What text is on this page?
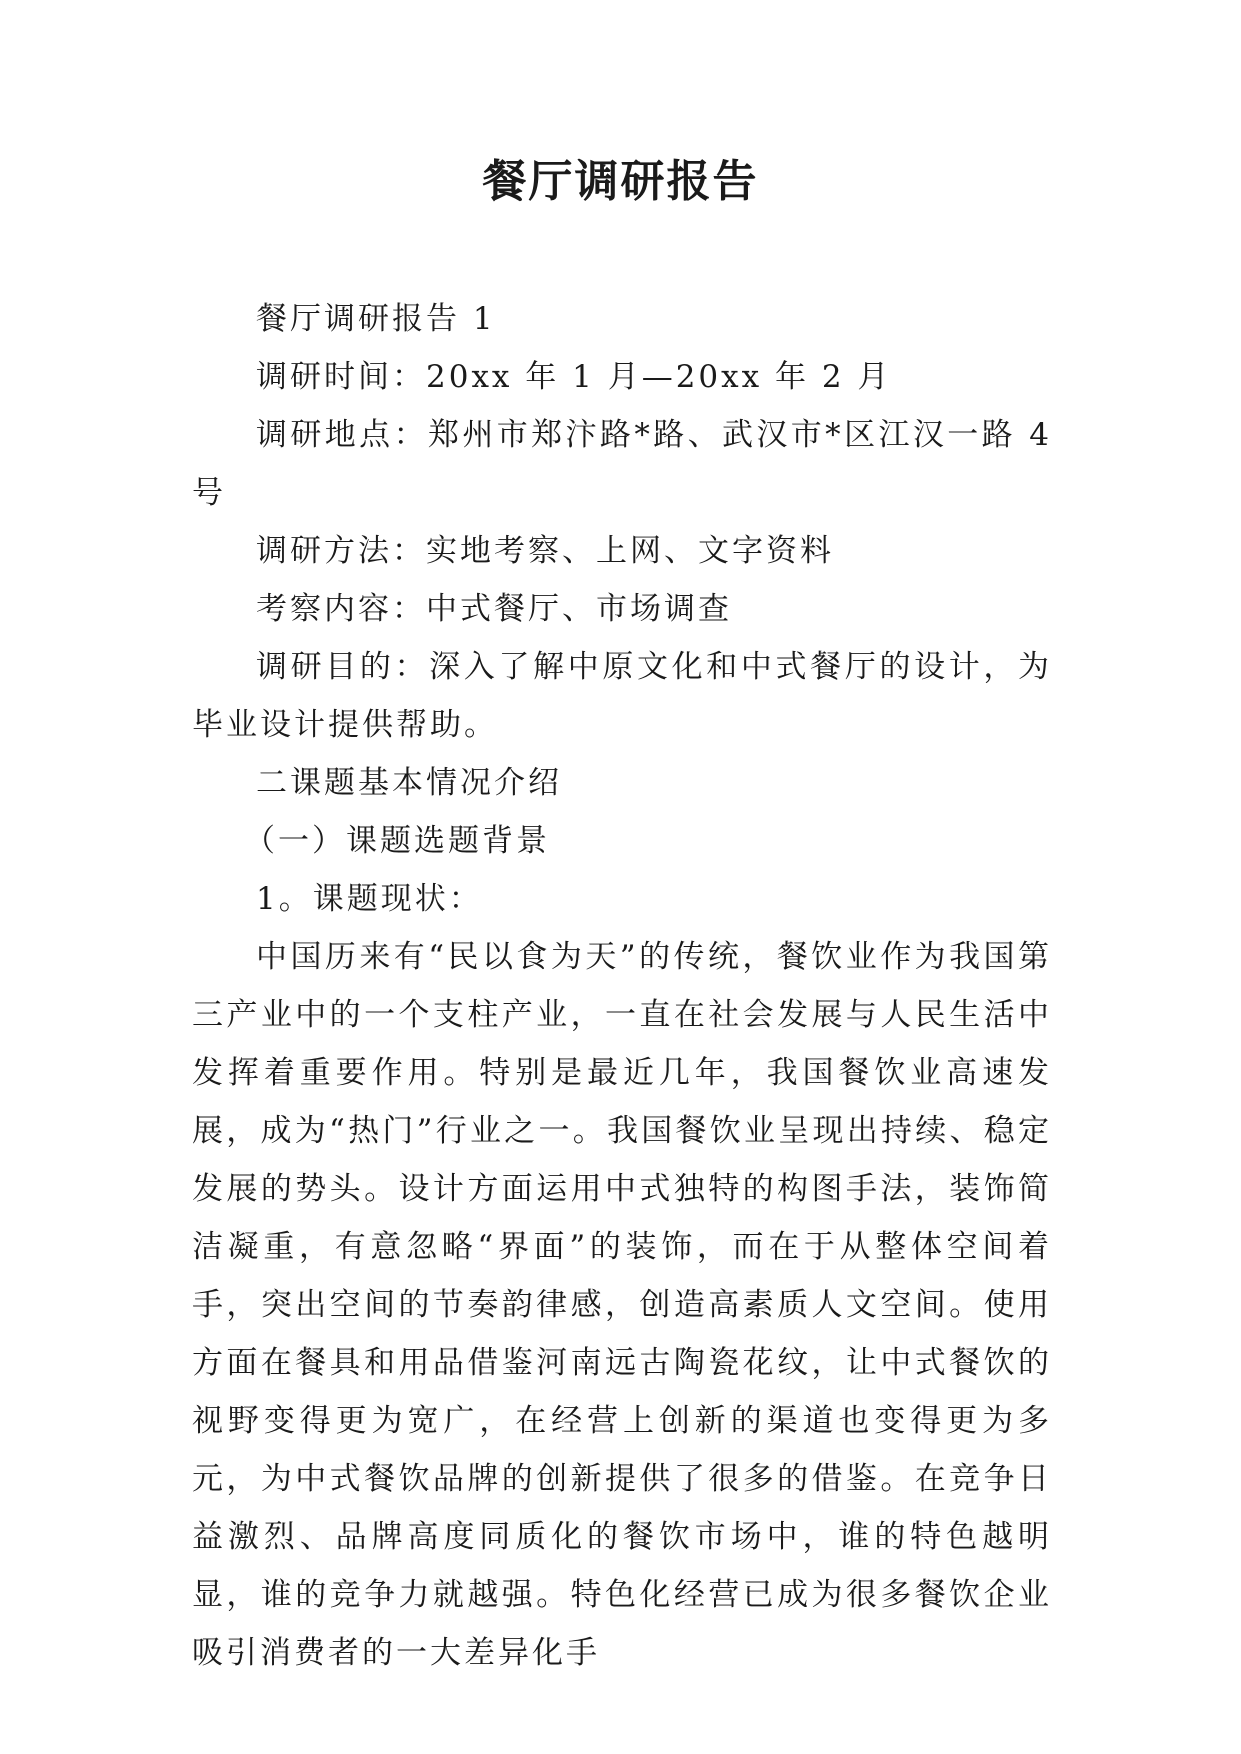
餐厅调研报告

餐厅调研报告 1

调研时间：20xx 年 1 月—20xx 年 2 月

调研地点：郑州市郑汴路*路、武汉市*区江汉一路 4 号

调研方法：实地考察、上网、文字资料

考察内容：中式餐厅、市场调查

调研目的：深入了解中原文化和中式餐厅的设计，为毕业设计提供帮助。

二课题基本情况介绍

（一）课题选题背景

1。课题现状：

中国历来有“民以食为天”的传统，餐饮业作为我国第三产业中的一个支柱产业，一直在社会发展与人民生活中发挥着重要作用。特别是最近几年，我国餐饮业高速发展，成为“热门”行业之一。我国餐饮业呈现出持续、稳定发展的势头。设计方面运用中式独特的构图手法，装饰简洁凝重，有意忽略“界面”的装饰，而在于从整体空间着手，突出空间的节奏韵律感，创造高素质人文空间。使用方面在餐具和用品借鉴河南远古陶瓷花纹，让中式餐饮的视野变得更为宽广，在经营上创新的渠道也变得更为多元，为中式餐饮品牌的创新提供了很多的借鉴。在竞争日益激烈、品牌高度同质化的餐饮市场中，谁的特色越明显，谁的竞争力就越强。特色化经营已成为很多餐饮企业吸引消费者的一大差异化手
